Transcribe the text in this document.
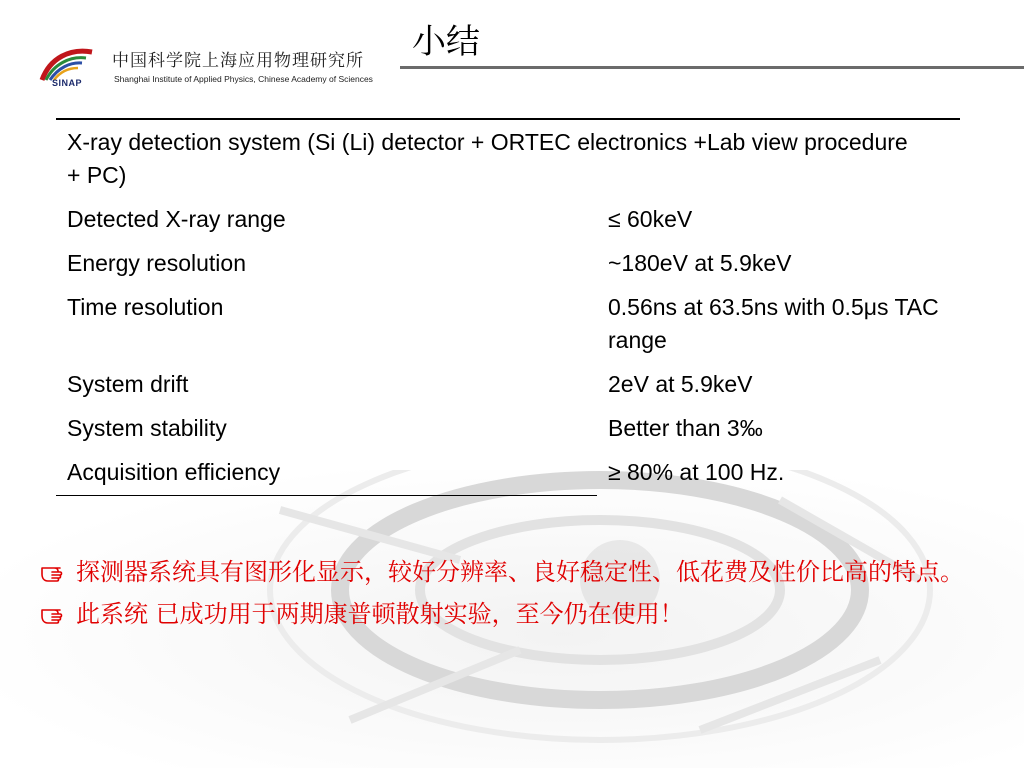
SINAP
中国科学院上海应用物理研究所
Shanghai Institute of Applied Physics, Chinese Academy of Sciences
小结
X-ray detection system (Si (Li) detector + ORTEC electronics +Lab view procedure + PC)	
Detected X-ray range	≤ 60keV
Energy resolution	~180eV at 5.9keV
Time resolution	0.56ns at 63.5ns with 0.5μs TAC range
System drift	2eV at 5.9keV
System stability	Better than 3‰
Acquisition efficiency	≥ 80% at 100 Hz.
探测器系统具有图形化显示，较好分辨率、良好稳定性、低花费及性价比高的特点。
此系统 已成功用于两期康普顿散射实验，至今仍在使用！
